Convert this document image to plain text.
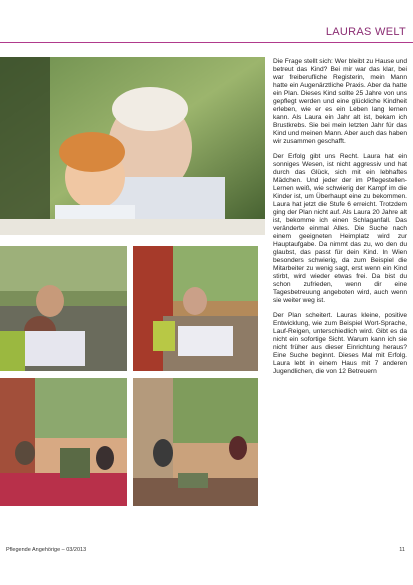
LAURAS WELT

Die Frage stellt sich: Wer bleibt zu Hause und betreut das Kind? Bei mir war das klar, bei war freiberufliche Registerin, mein Mann hatte ein Augenärztliche Praxis. Aber da hatte ein Plan. Dieses Kind sollte 25 Jahre von uns gepflegt werden und eine glückliche Kindheit erleben, wie er es ein Leben lang lernen kann. Als Laura ein Jahr alt ist, bekam ich Brustkrebs. Sie bei mein letzten Jahr für das Kind und meinen Mann. Aber auch das haben wir zusammen geschafft.

Der Erfolg gibt uns Recht. Laura hat ein sonniges Wesen, ist nicht aggressiv und hat durch das Glück, sich mit ein lebhaftes Mädchen. Und jeder der im Pflegestellen-Lernen weiß, wie schwierig der Kampf im die Kinder ist, um Überhaupt eine zu bekommen. Laura hat jetzt die Stufe 6 erreicht. Trotzdem ging der Plan nicht auf. Als Laura 20 Jahre alt ist, bekomme ich einen Schlaganfall. Das veränderte einmal Alles. Die Suche nach einem geeigneten Heimplatz wird zur Hauptaufgabe. Da nimmt das zu, wo den du glaubst, das passt für dein Kind. In Wien besonders schwierig, da zum Beispiel die Mitarbeiter zu wenig sagt, erst wenn ein Kind stirbt, wird wieder etwas frei. Da bist du schon zufrieden, wenn dir eine Tagesbetreuung angeboten wird, auch wenn sie weiter weg ist.

Der Plan scheitert. Lauras kleine, positive Entwicklung, wie zum Beispiel Wort-Sprache, Lauf-Reigen, unterschiedlich wird. Gibt es da nicht ein sofortige Sicht. Warum kann ich sie nicht früher aus dieser Einrichtung heraus? Eine Suche beginnt. Dieses Mal mit Erfolg. Laura lebt in einem Haus mit 7 anderen Jugendlichen, die von 12 Betreuern

Pflegende Angehörige – 03/2013	11
